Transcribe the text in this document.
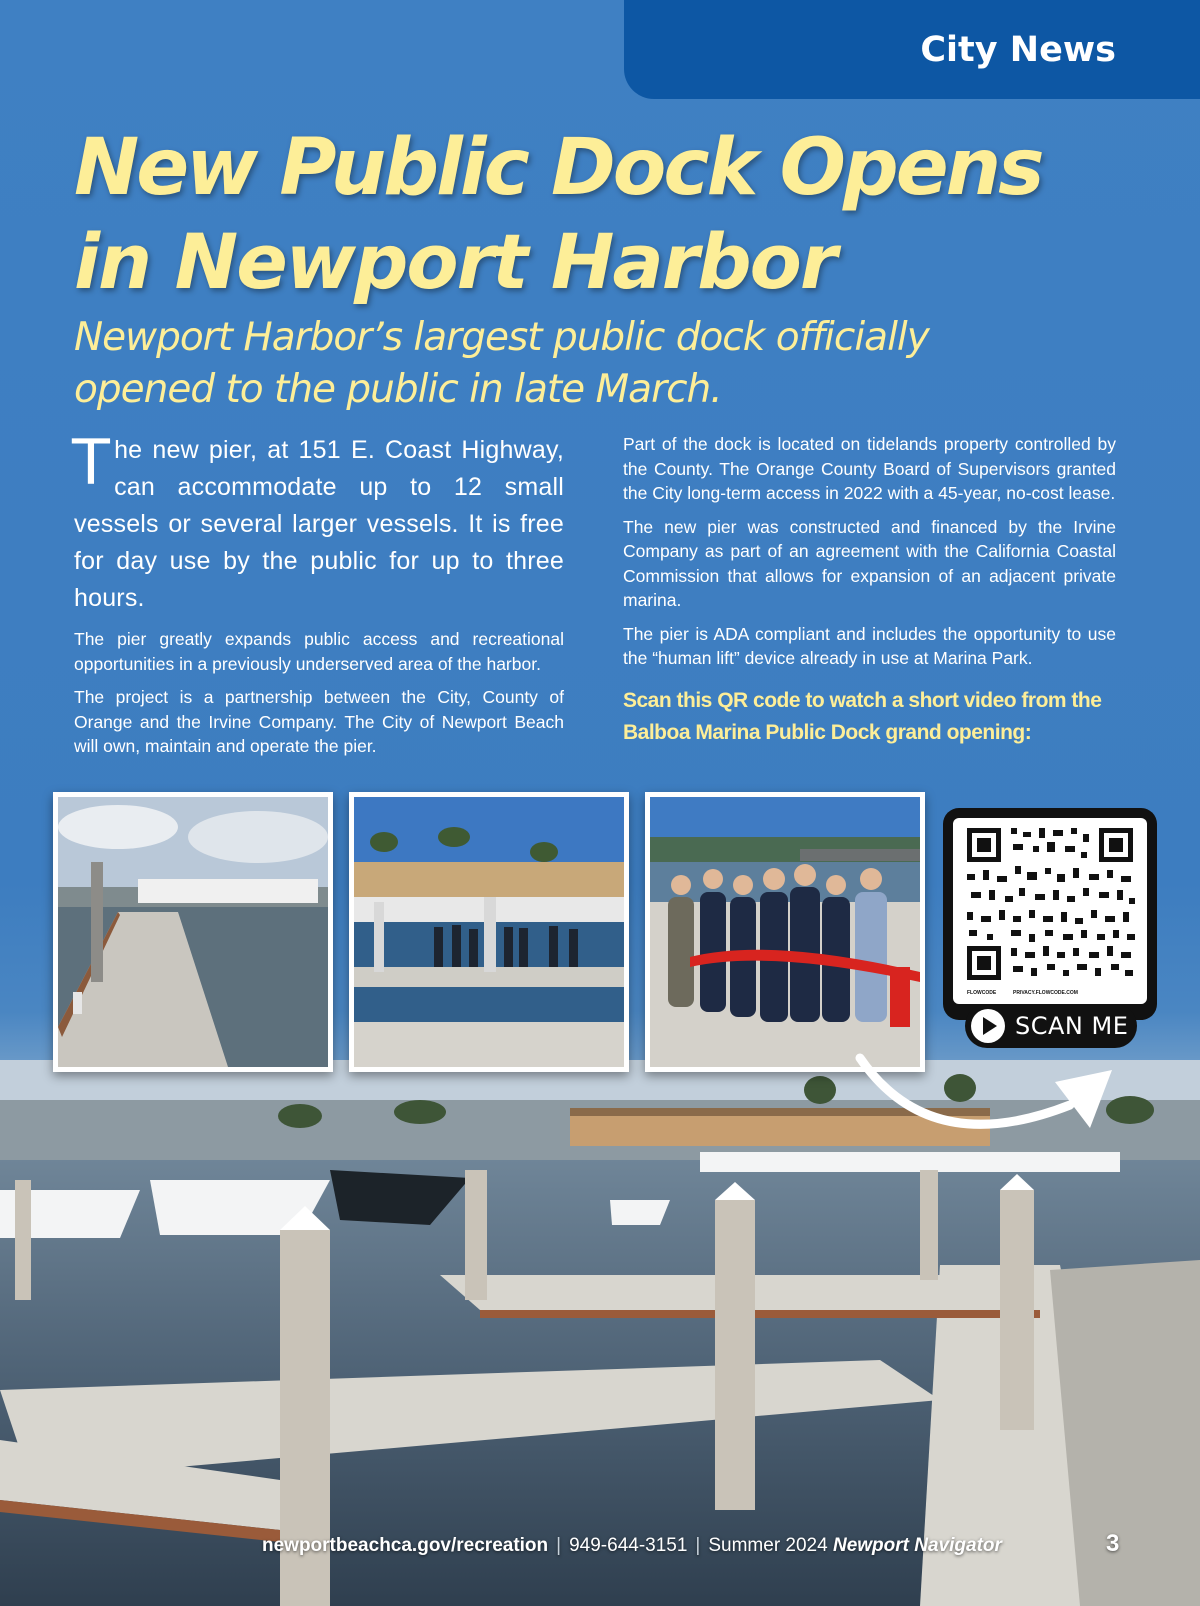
City News
New Public Dock Opens
in Newport Harbor

Newport Harbor’s largest public dock officially opened to the public in late March.

The new pier, at 151 E. Coast Highway, can accommodate up to 12 small vessels or several larger vessels. It is free for day use by the public for up to three hours.

The pier greatly expands public access and recreational opportunities in a previously underserved area of the harbor.

The project is a partnership between the City, County of Orange and the Irvine Company. The City of Newport Beach will own, maintain and operate the pier.

Part of the dock is located on tidelands property controlled by the County. The Orange County Board of Supervisors granted the City long-term access in 2022 with a 45-year, no-cost lease.

The new pier was constructed and financed by the Irvine Company as part of an agreement with the California Coastal Commission that allows for expansion of an adjacent private marina.

The pier is ADA compliant and includes the opportunity to use the “human lift” device already in use at Marina Park.

Scan this QR code to watch a short video from the Balboa Marina Public Dock grand opening:

FLOWCODE	PRIVACY.FLOWCODE.COM
SCAN ME
newportbeachca.gov/recreation | 949-644-3151 | Summer 2024 Newport Navigator	3
